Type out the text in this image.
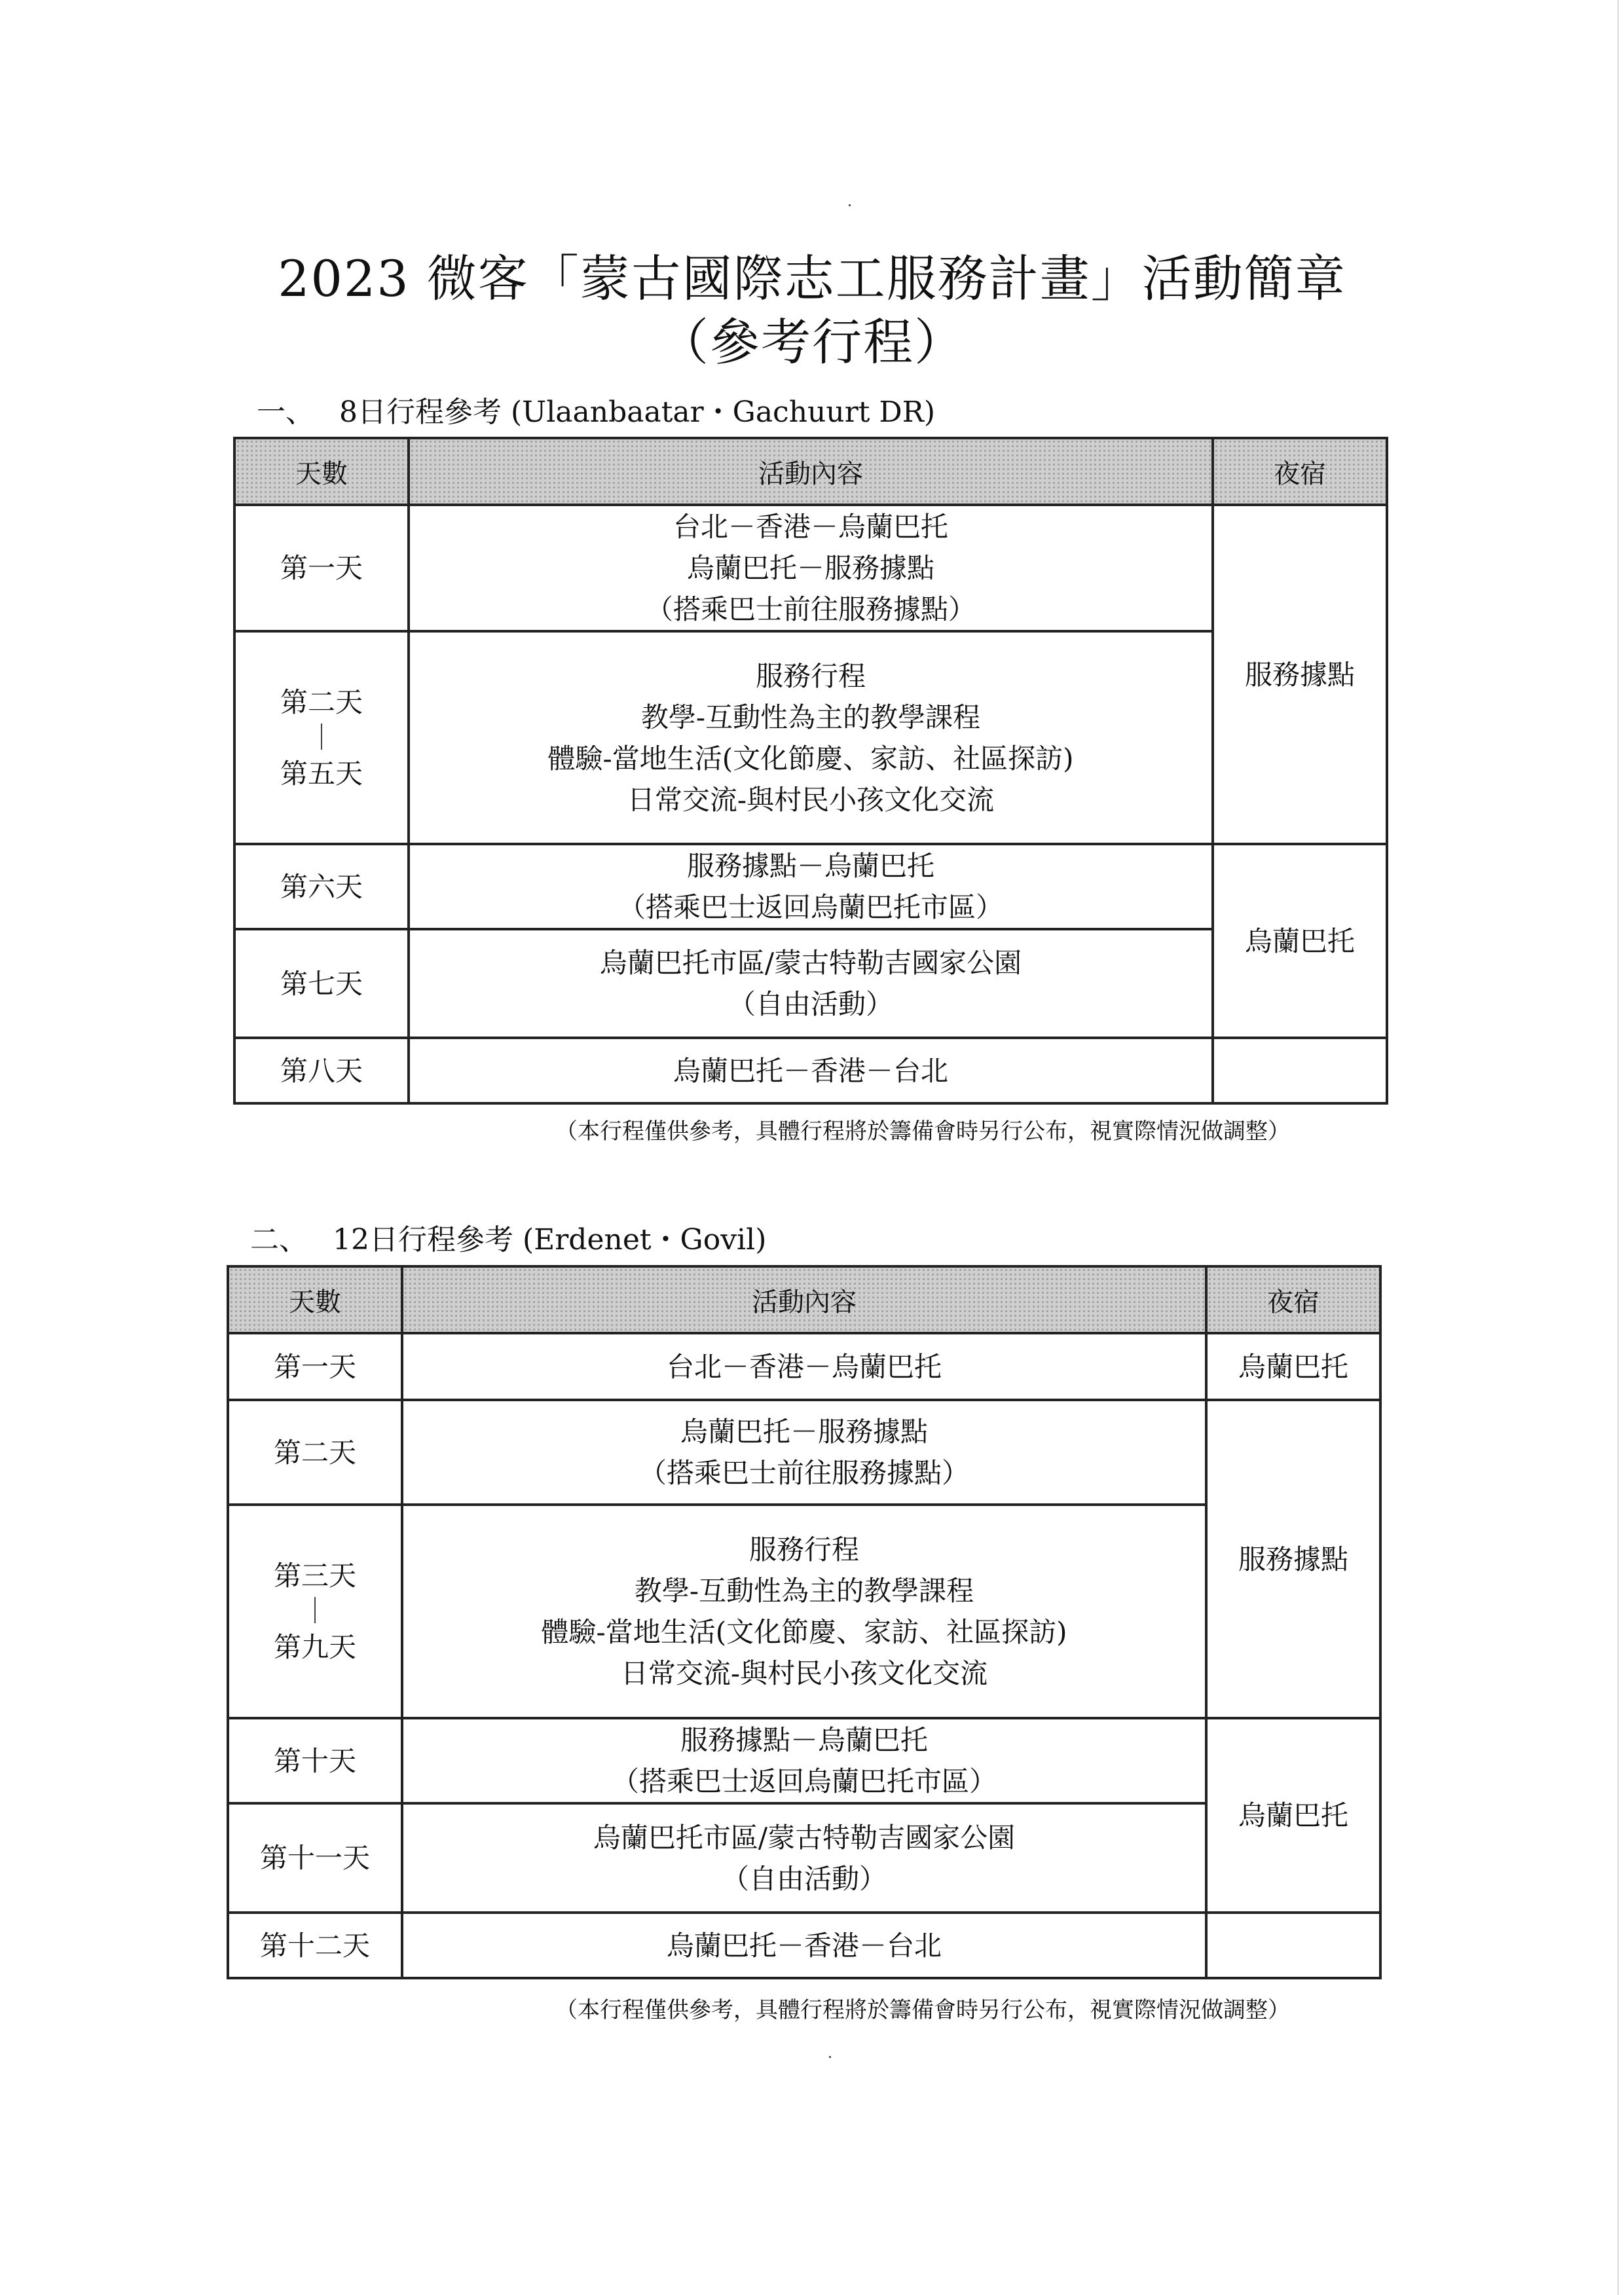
2023 微客「蒙古國際志工服務計畫」活動簡章
（參考行程）
一、 8日行程參考 (Ulaanbaatar・Gachuurt DR)
天數	活動內容	夜宿
第一天	台北－香港－烏蘭巴托
烏蘭巴托－服務據點
（搭乘巴士前往服務據點）	服務據點

第二天
｜
第五天	服務行程
教學-互動性為主的教學課程
體驗-當地生活(文化節慶、家訪、社區探訪)
日常交流-與村民小孩文化交流	

第六天	服務據點－烏蘭巴托
（搭乘巴士返回烏蘭巴托市區）	烏蘭巴托
第七天	烏蘭巴托市區/蒙古特勒吉國家公園
（自由活動）	

第八天	烏蘭巴托－香港－台北	

（本行程僅供參考，具體行程將於籌備會時另行公布，視實際情況做調整）
二、 12日行程參考 (Erdenet・Govil)
天數	活動內容	夜宿
第一天	台北－香港－烏蘭巴托	烏蘭巴托
第二天	烏蘭巴托－服務據點
（搭乘巴士前往服務據點）	服務據點

第三天
｜
第九天	服務行程
教學-互動性為主的教學課程
體驗-當地生活(文化節慶、家訪、社區探訪)
日常交流-與村民小孩文化交流	

第十天	服務據點－烏蘭巴托
（搭乘巴士返回烏蘭巴托市區）	烏蘭巴托
第十一天	烏蘭巴托市區/蒙古特勒吉國家公園
（自由活動）	

第十二天	烏蘭巴托－香港－台北	

（本行程僅供參考，具體行程將於籌備會時另行公布，視實際情況做調整）
